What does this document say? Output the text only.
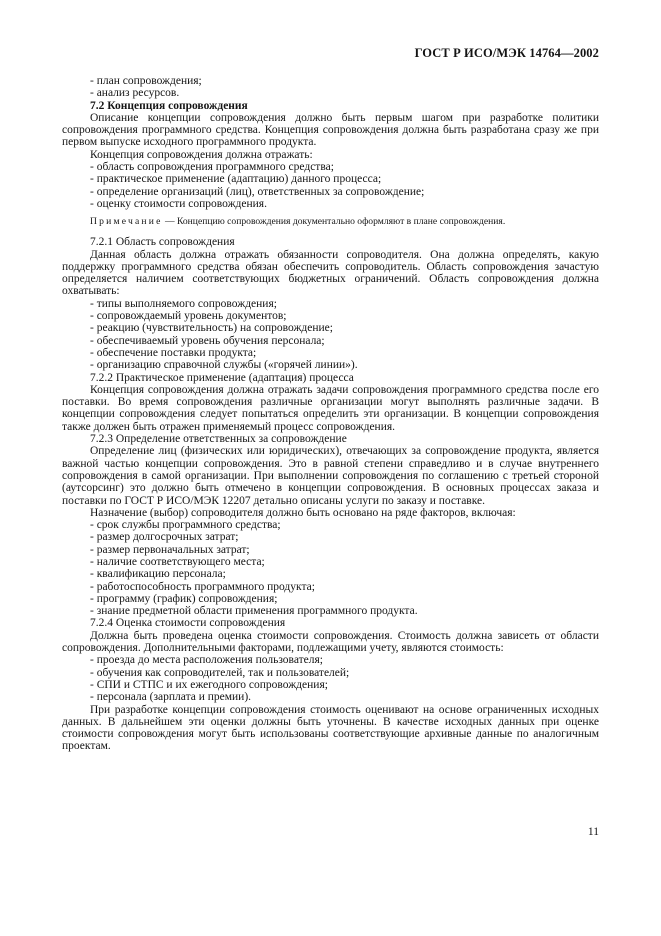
ГОСТ Р ИСО/МЭК 14764—2002

- план сопровождения;

- анализ ресурсов.

7.2 Концепция сопровождения

Описание концепции сопровождения должно быть первым шагом при разработке политики сопровождения программного средства. Концепция сопровождения должна быть разработана сразу же при первом выпуске исходного программного продукта.

Концепция сопровождения должна отражать:

- область сопровождения программного средства;

- практическое применение (адаптацию) данного процесса;

- определение организаций (лиц), ответственных за сопровождение;

- оценку стоимости сопровождения.

Примечание — Концепцию сопровождения документально оформляют в плане сопровождения.

7.2.1 Область сопровождения

Данная область должна отражать обязанности сопроводителя. Она должна определять, какую поддержку программного средства обязан обеспечить сопроводитель. Область сопровождения зачастую определяется наличием соответствующих бюджетных ограничений. Область сопровождения должна охватывать:

- типы выполняемого сопровождения;

- сопровождаемый уровень документов;

- реакцию (чувствительность) на сопровождение;

- обеспечиваемый уровень обучения персонала;

- обеспечение поставки продукта;

- организацию справочной службы («горячей линии»).

7.2.2 Практическое применение (адаптация) процесса

Концепция сопровождения должна отражать задачи сопровождения программного средства после его поставки. Во время сопровождения различные организации могут выполнять различные задачи. В концепции сопровождения следует попытаться определить эти организации. В концепции сопровождения также должен быть отражен применяемый процесс сопровождения.

7.2.3 Определение ответственных за сопровождение

Определение лиц (физических или юридических), отвечающих за сопровождение продукта, является важной частью концепции сопровождения. Это в равной степени справедливо и в случае внутреннего сопровождения в самой организации. При выполнении сопровождения по соглашению с третьей стороной (аутсорсинг) это должно быть отмечено в концепции сопровождения. В основных процессах заказа и поставки по ГОСТ Р ИСО/МЭК 12207 детально описаны услуги по заказу и поставке.

Назначение (выбор) сопроводителя должно быть основано на ряде факторов, включая:

- срок службы программного средства;

- размер долгосрочных затрат;

- размер первоначальных затрат;

- наличие соответствующего места;

- квалификацию персонала;

- работоспособность программного продукта;

- программу (график) сопровождения;

- знание предметной области применения программного продукта.

7.2.4 Оценка стоимости сопровождения

Должна быть проведена оценка стоимости сопровождения. Стоимость должна зависеть от области сопровождения. Дополнительными факторами, подлежащими учету, являются стоимость:

- проезда до места расположения пользователя;

- обучения как сопроводителей, так и пользователей;

- СПИ и СТПС и их ежегодного сопровождения;

- персонала (зарплата и премии).

При разработке концепции сопровождения стоимость оценивают на основе ограниченных исходных данных. В дальнейшем эти оценки должны быть уточнены. В качестве исходных данных при оценке стоимости сопровождения могут быть использованы соответствующие архивные данные по аналогичным проектам.

11
